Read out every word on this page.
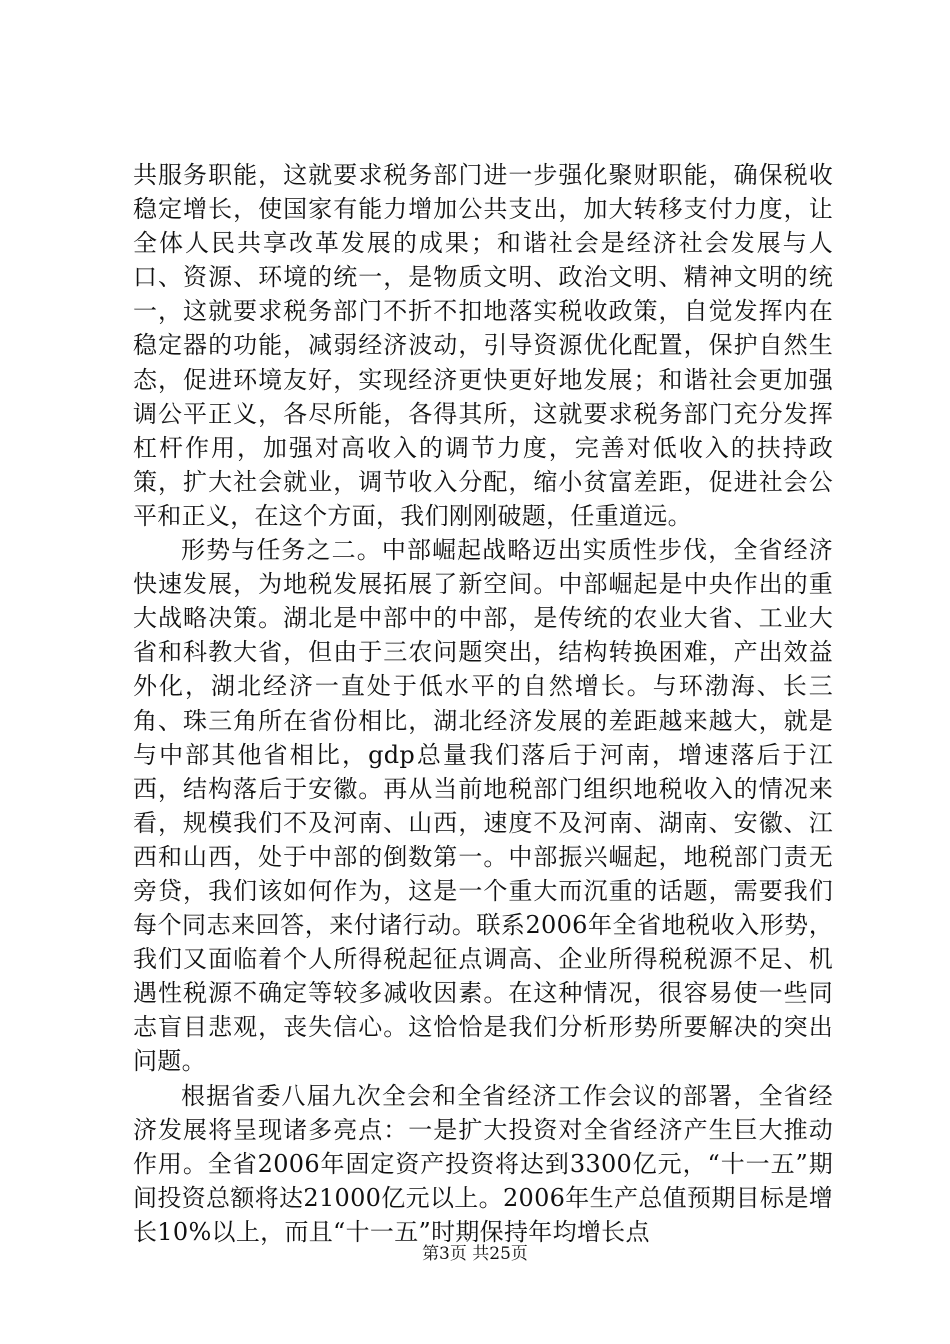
共服务职能，这就要求税务部门进一步强化聚财职能，确保税收稳定增长，使国家有能力增加公共支出，加大转移支付力度，让全体人民共享改革发展的成果；和谐社会是经济社会发展与人口、资源、环境的统一，是物质文明、政治文明、精神文明的统一，这就要求税务部门不折不扣地落实税收政策，自觉发挥内在稳定器的功能，减弱经济波动，引导资源优化配置，保护自然生态，促进环境友好，实现经济更快更好地发展；和谐社会更加强调公平正义，各尽所能，各得其所，这就要求税务部门充分发挥杠杆作用，加强对高收入的调节力度，完善对低收入的扶持政策，扩大社会就业，调节收入分配，缩小贫富差距，促进社会公平和正义，在这个方面，我们刚刚破题，任重道远。

形势与任务之二。中部崛起战略迈出实质性步伐，全省经济快速发展，为地税发展拓展了新空间。中部崛起是中央作出的重大战略决策。湖北是中部中的中部，是传统的农业大省、工业大省和科教大省，但由于三农问题突出，结构转换困难，产出效益外化，湖北经济一直处于低水平的自然增长。与环渤海、长三角、珠三角所在省份相比，湖北经济发展的差距越来越大，就是与中部其他省相比，gdp总量我们落后于河南，增速落后于江西，结构落后于安徽。再从当前地税部门组织地税收入的情况来看，规模我们不及河南、山西，速度不及河南、湖南、安徽、江西和山西，处于中部的倒数第一。中部振兴崛起，地税部门责无旁贷，我们该如何作为，这是一个重大而沉重的话题，需要我们每个同志来回答，来付诸行动。联系2006年全省地税收入形势，我们又面临着个人所得税起征点调高、企业所得税税源不足、机遇性税源不确定等较多减收因素。在这种情况，很容易使一些同志盲目悲观，丧失信心。这恰恰是我们分析形势所要解决的突出问题。

根据省委八届九次全会和全省经济工作会议的部署，全省经济发展将呈现诸多亮点：一是扩大投资对全省经济产生巨大推动作用。全省2006年固定资产投资将达到3300亿元，“十一五”期间投资总额将达21000亿元以上。2006年生产总值预期目标是增长10%以上，而且“十一五”时期保持年均增长点

第3页 共25页
